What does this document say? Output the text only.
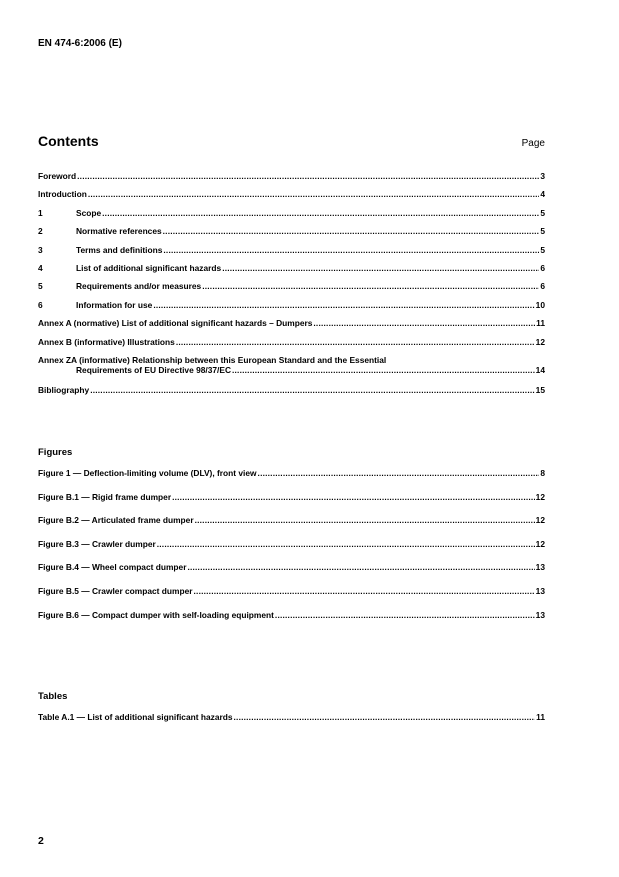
EN 474-6:2006 (E)
Contents	Page
Foreword .....	3
Introduction .....	4
1	Scope .....	5
2	Normative references .....	5
3	Terms and definitions .....	5
4	List of additional significant hazards .....	6
5	Requirements and/or measures .....	6
6	Information for use .....	10
Annex A (normative) List of additional significant hazards – Dumpers .....	11
Annex B (informative) Illustrations .....	12
Annex ZA (informative) Relationship between this European Standard and the Essential
Requirements of EU Directive 98/37/EC .....	14
Bibliography .....	15
Figures
Figure 1 — Deflection-limiting volume (DLV), front view .....	8
Figure B.1 — Rigid frame dumper .....	12
Figure B.2 — Articulated frame dumper .....	12
Figure B.3 — Crawler dumper .....	12
Figure B.4 — Wheel compact dumper .....	13
Figure B.5 — Crawler compact dumper .....	13
Figure B.6 — Compact dumper with self-loading equipment .....	13
Tables
Table A.1 — List of additional significant hazards .....	11
2
